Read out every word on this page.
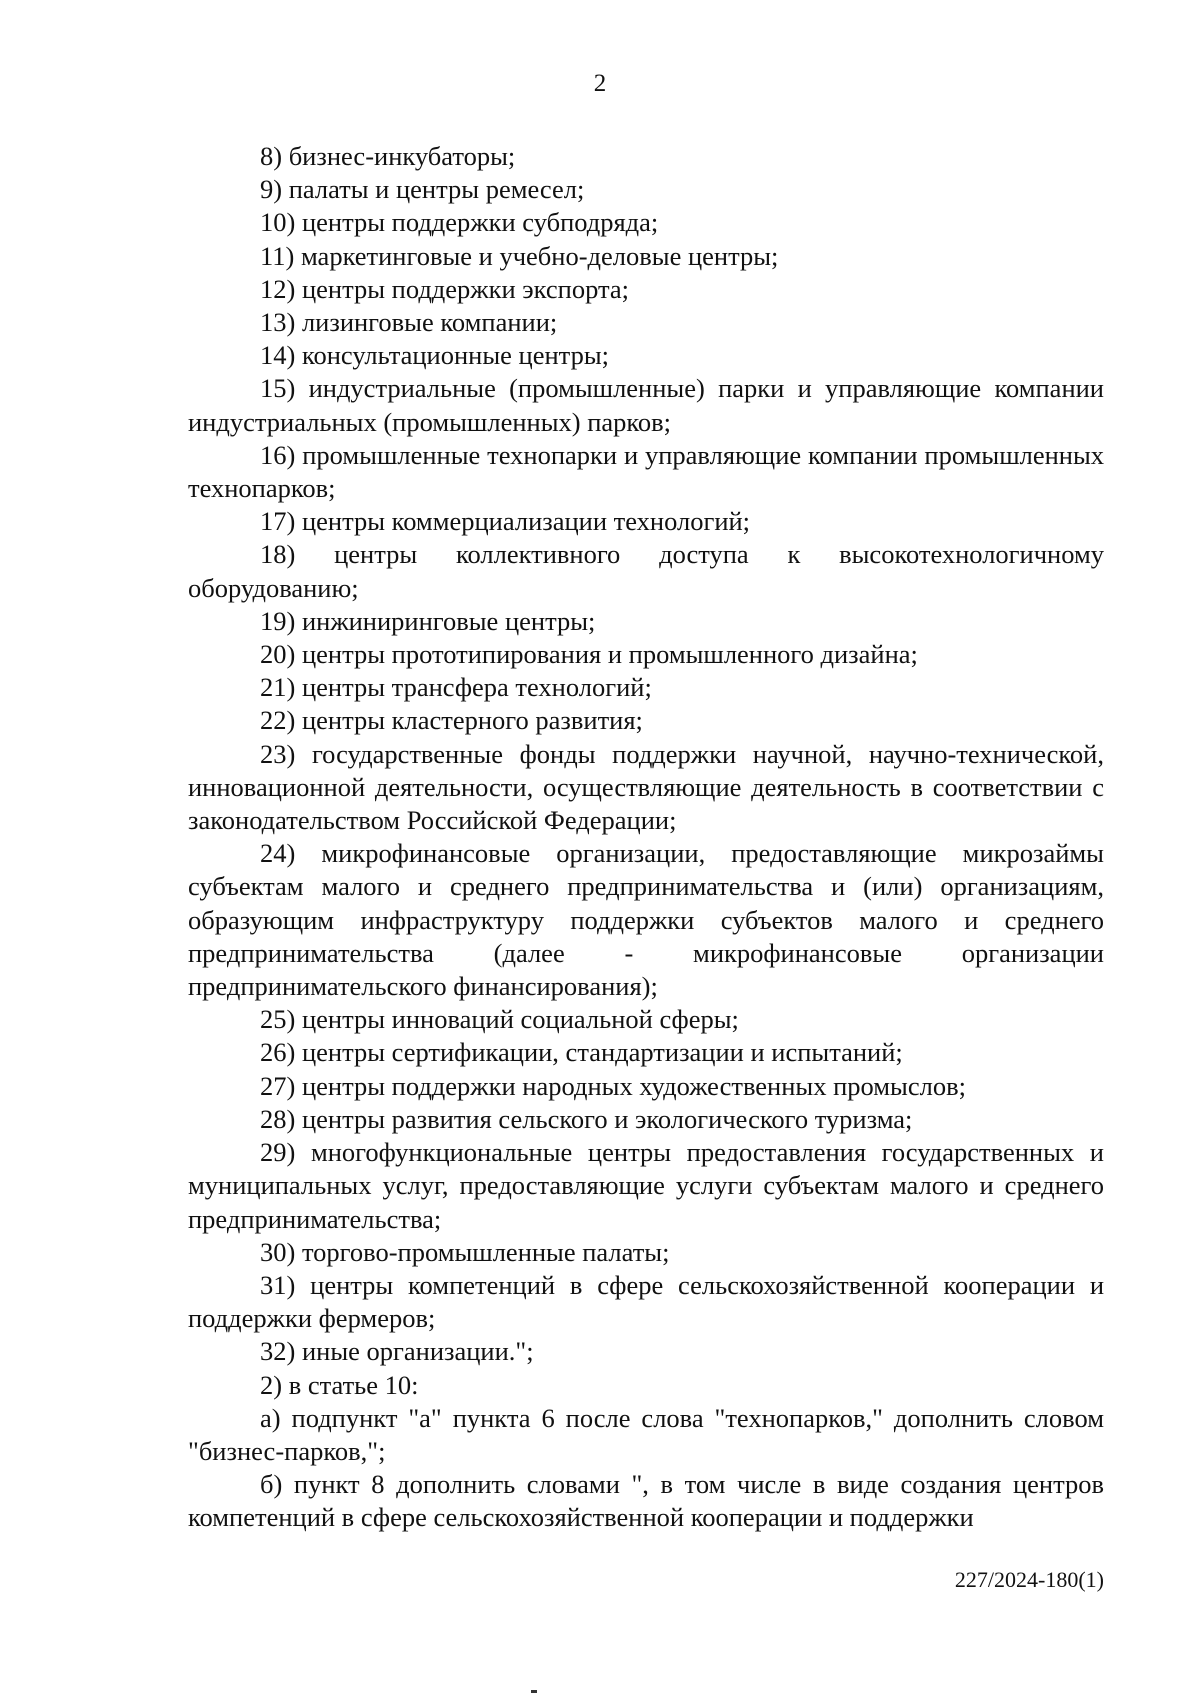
2

8) бизнес-инкубаторы;

9) палаты и центры ремесел;

10) центры поддержки субподряда;

11) маркетинговые и учебно-деловые центры;

12) центры поддержки экспорта;

13) лизинговые компании;

14) консультационные центры;

15) индустриальные (промышленные) парки и управляющие компании индустриальных (промышленных) парков;

16) промышленные технопарки и управляющие компании промышленных технопарков;

17) центры коммерциализации технологий;

18) центры коллективного доступа к высокотехнологичному оборудованию;

19) инжиниринговые центры;

20) центры прототипирования и промышленного дизайна;

21) центры трансфера технологий;

22) центры кластерного развития;

23) государственные фонды поддержки научной, научно-технической, инновационной деятельности, осуществляющие деятельность в соответствии с законодательством Российской Федерации;

24) микрофинансовые организации, предоставляющие микрозаймы субъектам малого и среднего предпринимательства и (или) организациям, образующим инфраструктуру поддержки субъектов малого и среднего предпринимательства (далее - микрофинансовые организации предпринимательского финансирования);

25) центры инноваций социальной сферы;

26) центры сертификации, стандартизации и испытаний;

27) центры поддержки народных художественных промыслов;

28) центры развития сельского и экологического туризма;

29) многофункциональные центры предоставления государственных и муниципальных услуг, предоставляющие услуги субъектам малого и среднего предпринимательства;

30) торгово-промышленные палаты;

31) центры компетенций в сфере сельскохозяйственной кооперации и поддержки фермеров;

32) иные организации.";

2) в статье 10:

а) подпункт "а" пункта 6 после слова "технопарков," дополнить словом "бизнес-парков,";

б) пункт 8 дополнить словами ", в том числе в виде создания центров компетенций в сфере сельскохозяйственной кооперации и поддержки

227/2024-180(1)
